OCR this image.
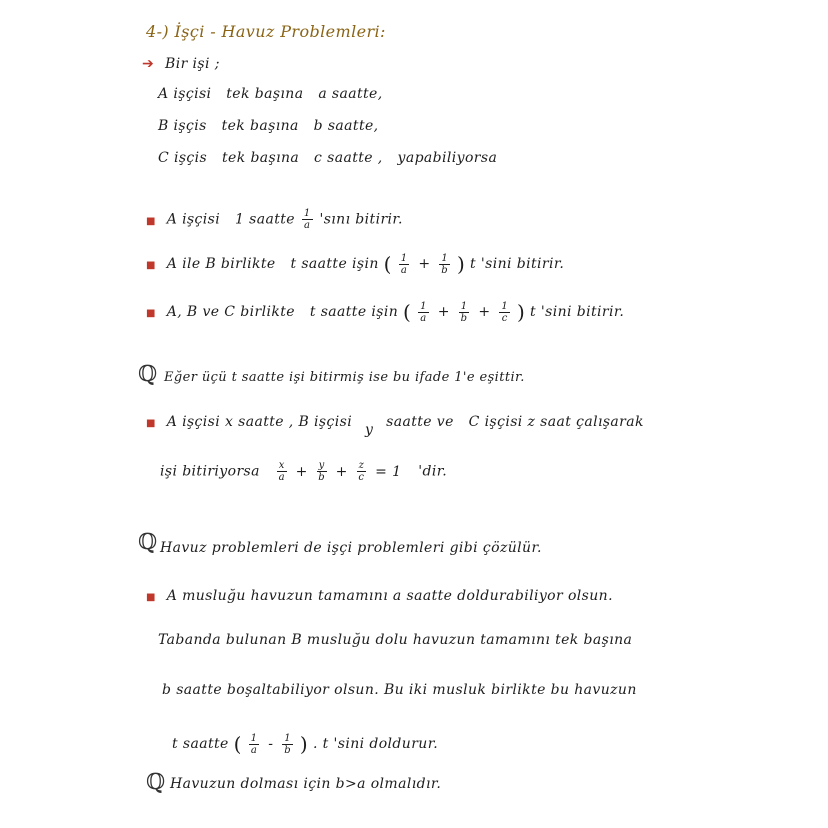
4-) İşçi - Havuz Problemleri:
➔ Bir işi ;
A işçisi tek başına a saatte,
B işçis tek başına b saatte,
C işçis tek başına c saatte , yapabiliyorsa
■ A işçisi 1 saatte $\frac{1}{a}$ 'sını bitirir.
■ A ile B birlikte t saatte işin ( $\frac{1}{a} + \frac{1}{b}$ ) t 'sini bitirir.
■ A, B ve C birlikte t saatte işin ( $\frac{1}{a} + \frac{1}{b} + \frac{1}{c}$ ) t 'sini bitirir.
ℚ Eğer üçü t saatte işi bitirmiş ise bu ifade 1'e eşittir.
■ A işçisi x saatte , B işçisi y saatte ve C işçisi z saat çalışarak
işi bitiriyorsa $\frac{x}{a} + \frac{y}{b} + \frac{z}{c} = 1$ 'dir.
ℚ Havuz problemleri de işçi problemleri gibi çözülür.
■ A musluğu havuzun tamamını a saatte doldurabiliyor olsun.
Tabanda bulunan B musluğu dolu havuzun tamamını tek başına
b saatte boşaltabiliyor olsun. Bu iki musluk birlikte bu havuzun
t saatte ( $\frac{1}{a} - \frac{1}{b}$ ) . t 'sini doldurur.
ℚ Havuzun dolması için b>a olmalıdır.
